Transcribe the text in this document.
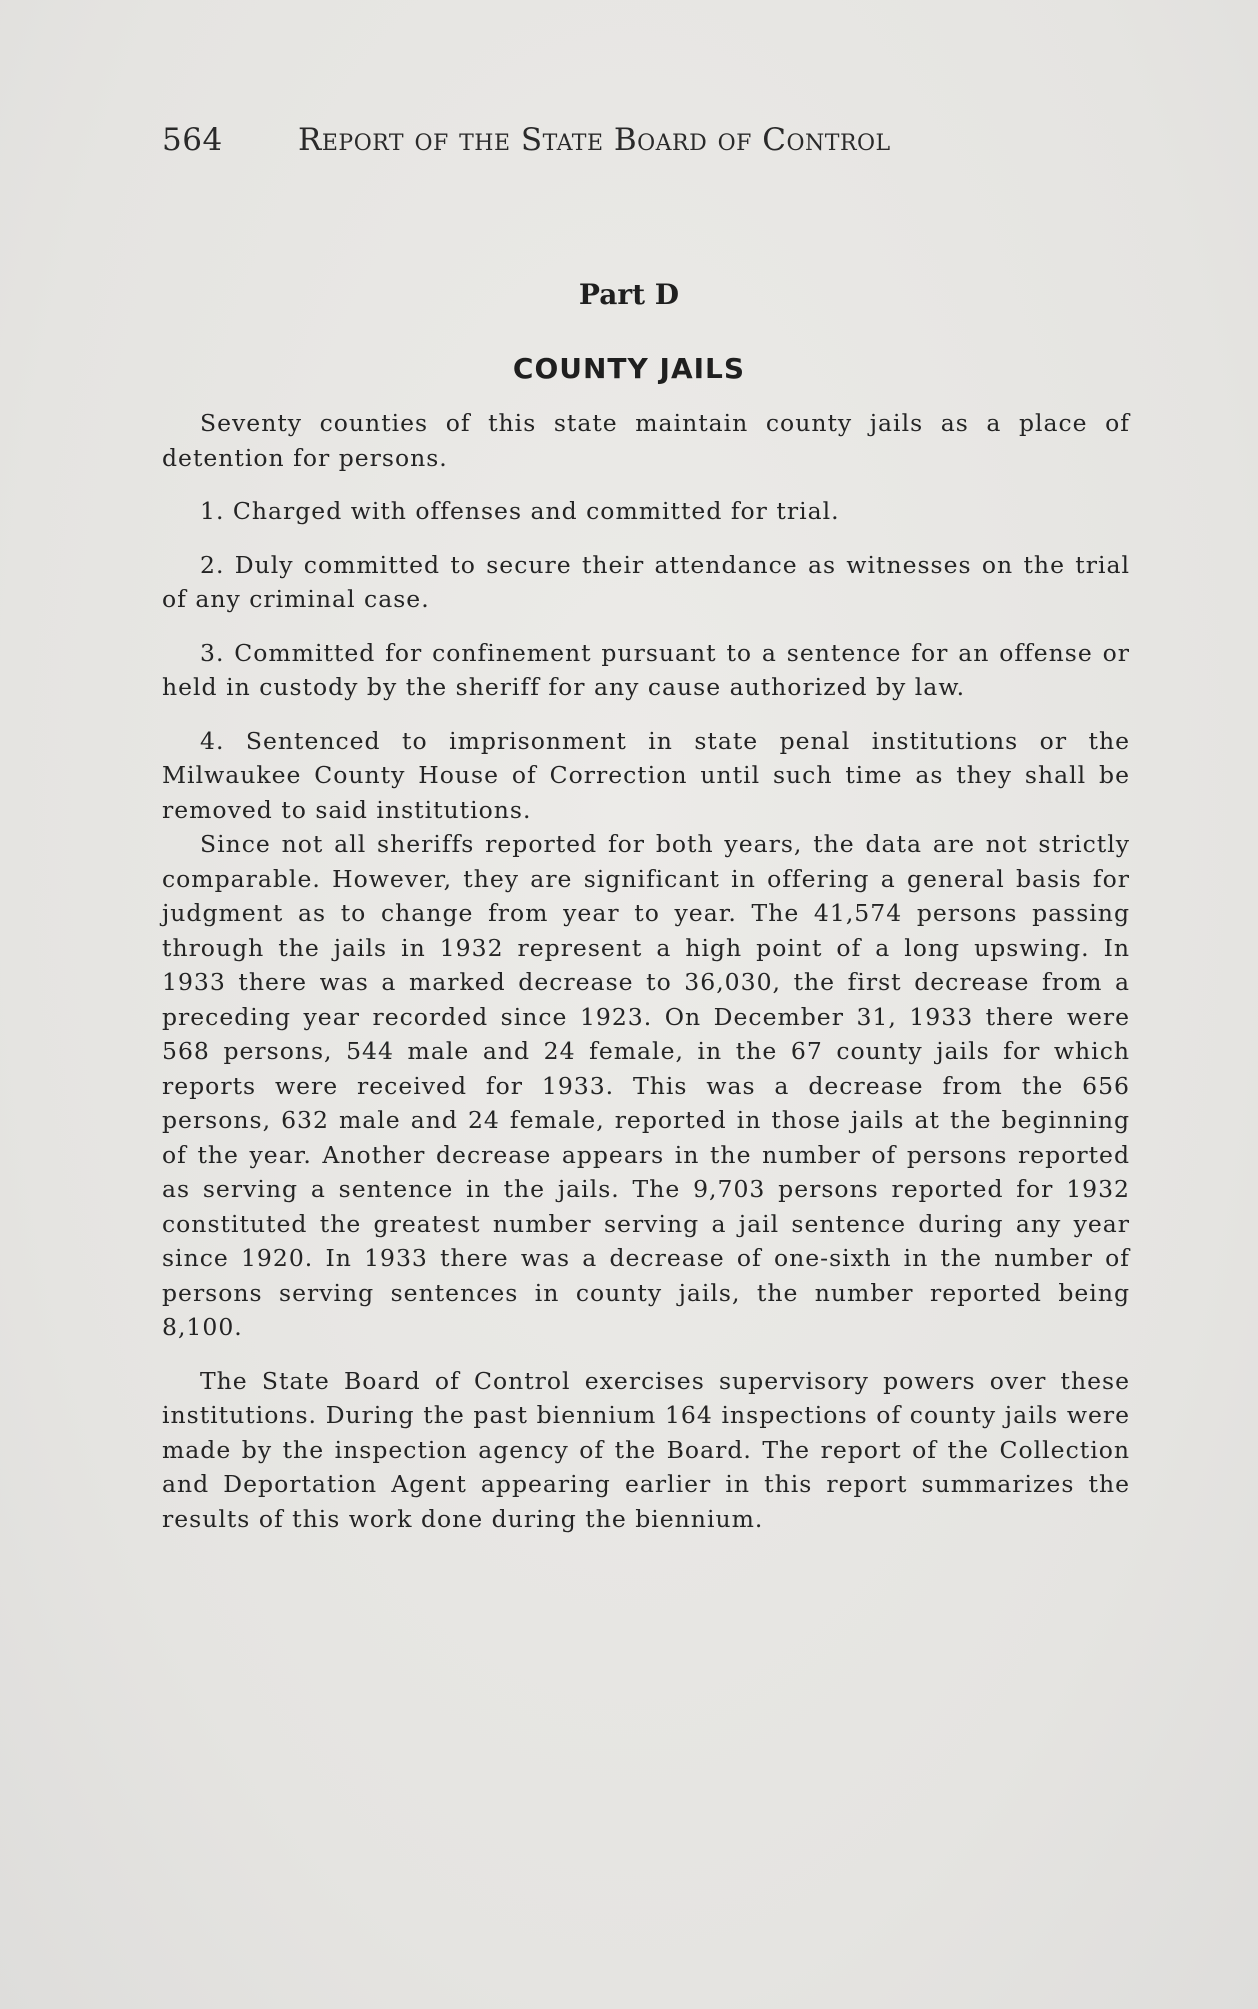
564 Report of the State Board of Control
Part D
COUNTY JAILS

Seventy counties of this state maintain county jails as a place of detention for persons.

1. Charged with offenses and committed for trial.

2. Duly committed to secure their attendance as witnesses on the trial of any criminal case.

3. Committed for confinement pursuant to a sentence for an offense or held in custody by the sheriff for any cause authorized by law.

4. Sentenced to imprisonment in state penal institutions or the Milwaukee County House of Correction until such time as they shall be removed to said institutions.

Since not all sheriffs reported for both years, the data are not strictly comparable. However, they are significant in offering a general basis for judgment as to change from year to year. The 41,574 persons passing through the jails in 1932 represent a high point of a long upswing. In 1933 there was a marked decrease to 36,030, the first decrease from a preceding year recorded since 1923. On December 31, 1933 there were 568 persons, 544 male and 24 female, in the 67 county jails for which reports were received for 1933. This was a decrease from the 656 persons, 632 male and 24 female, reported in those jails at the beginning of the year. Another decrease appears in the number of persons reported as serving a sentence in the jails. The 9,703 persons reported for 1932 constituted the greatest number serving a jail sentence during any year since 1920. In 1933 there was a decrease of one-sixth in the number of persons serving sentences in county jails, the number reported being 8,100.

The State Board of Control exercises supervisory powers over these institutions. During the past biennium 164 inspections of county jails were made by the inspection agency of the Board. The report of the Collection and Deportation Agent appearing earlier in this report summarizes the results of this work done during the biennium.
